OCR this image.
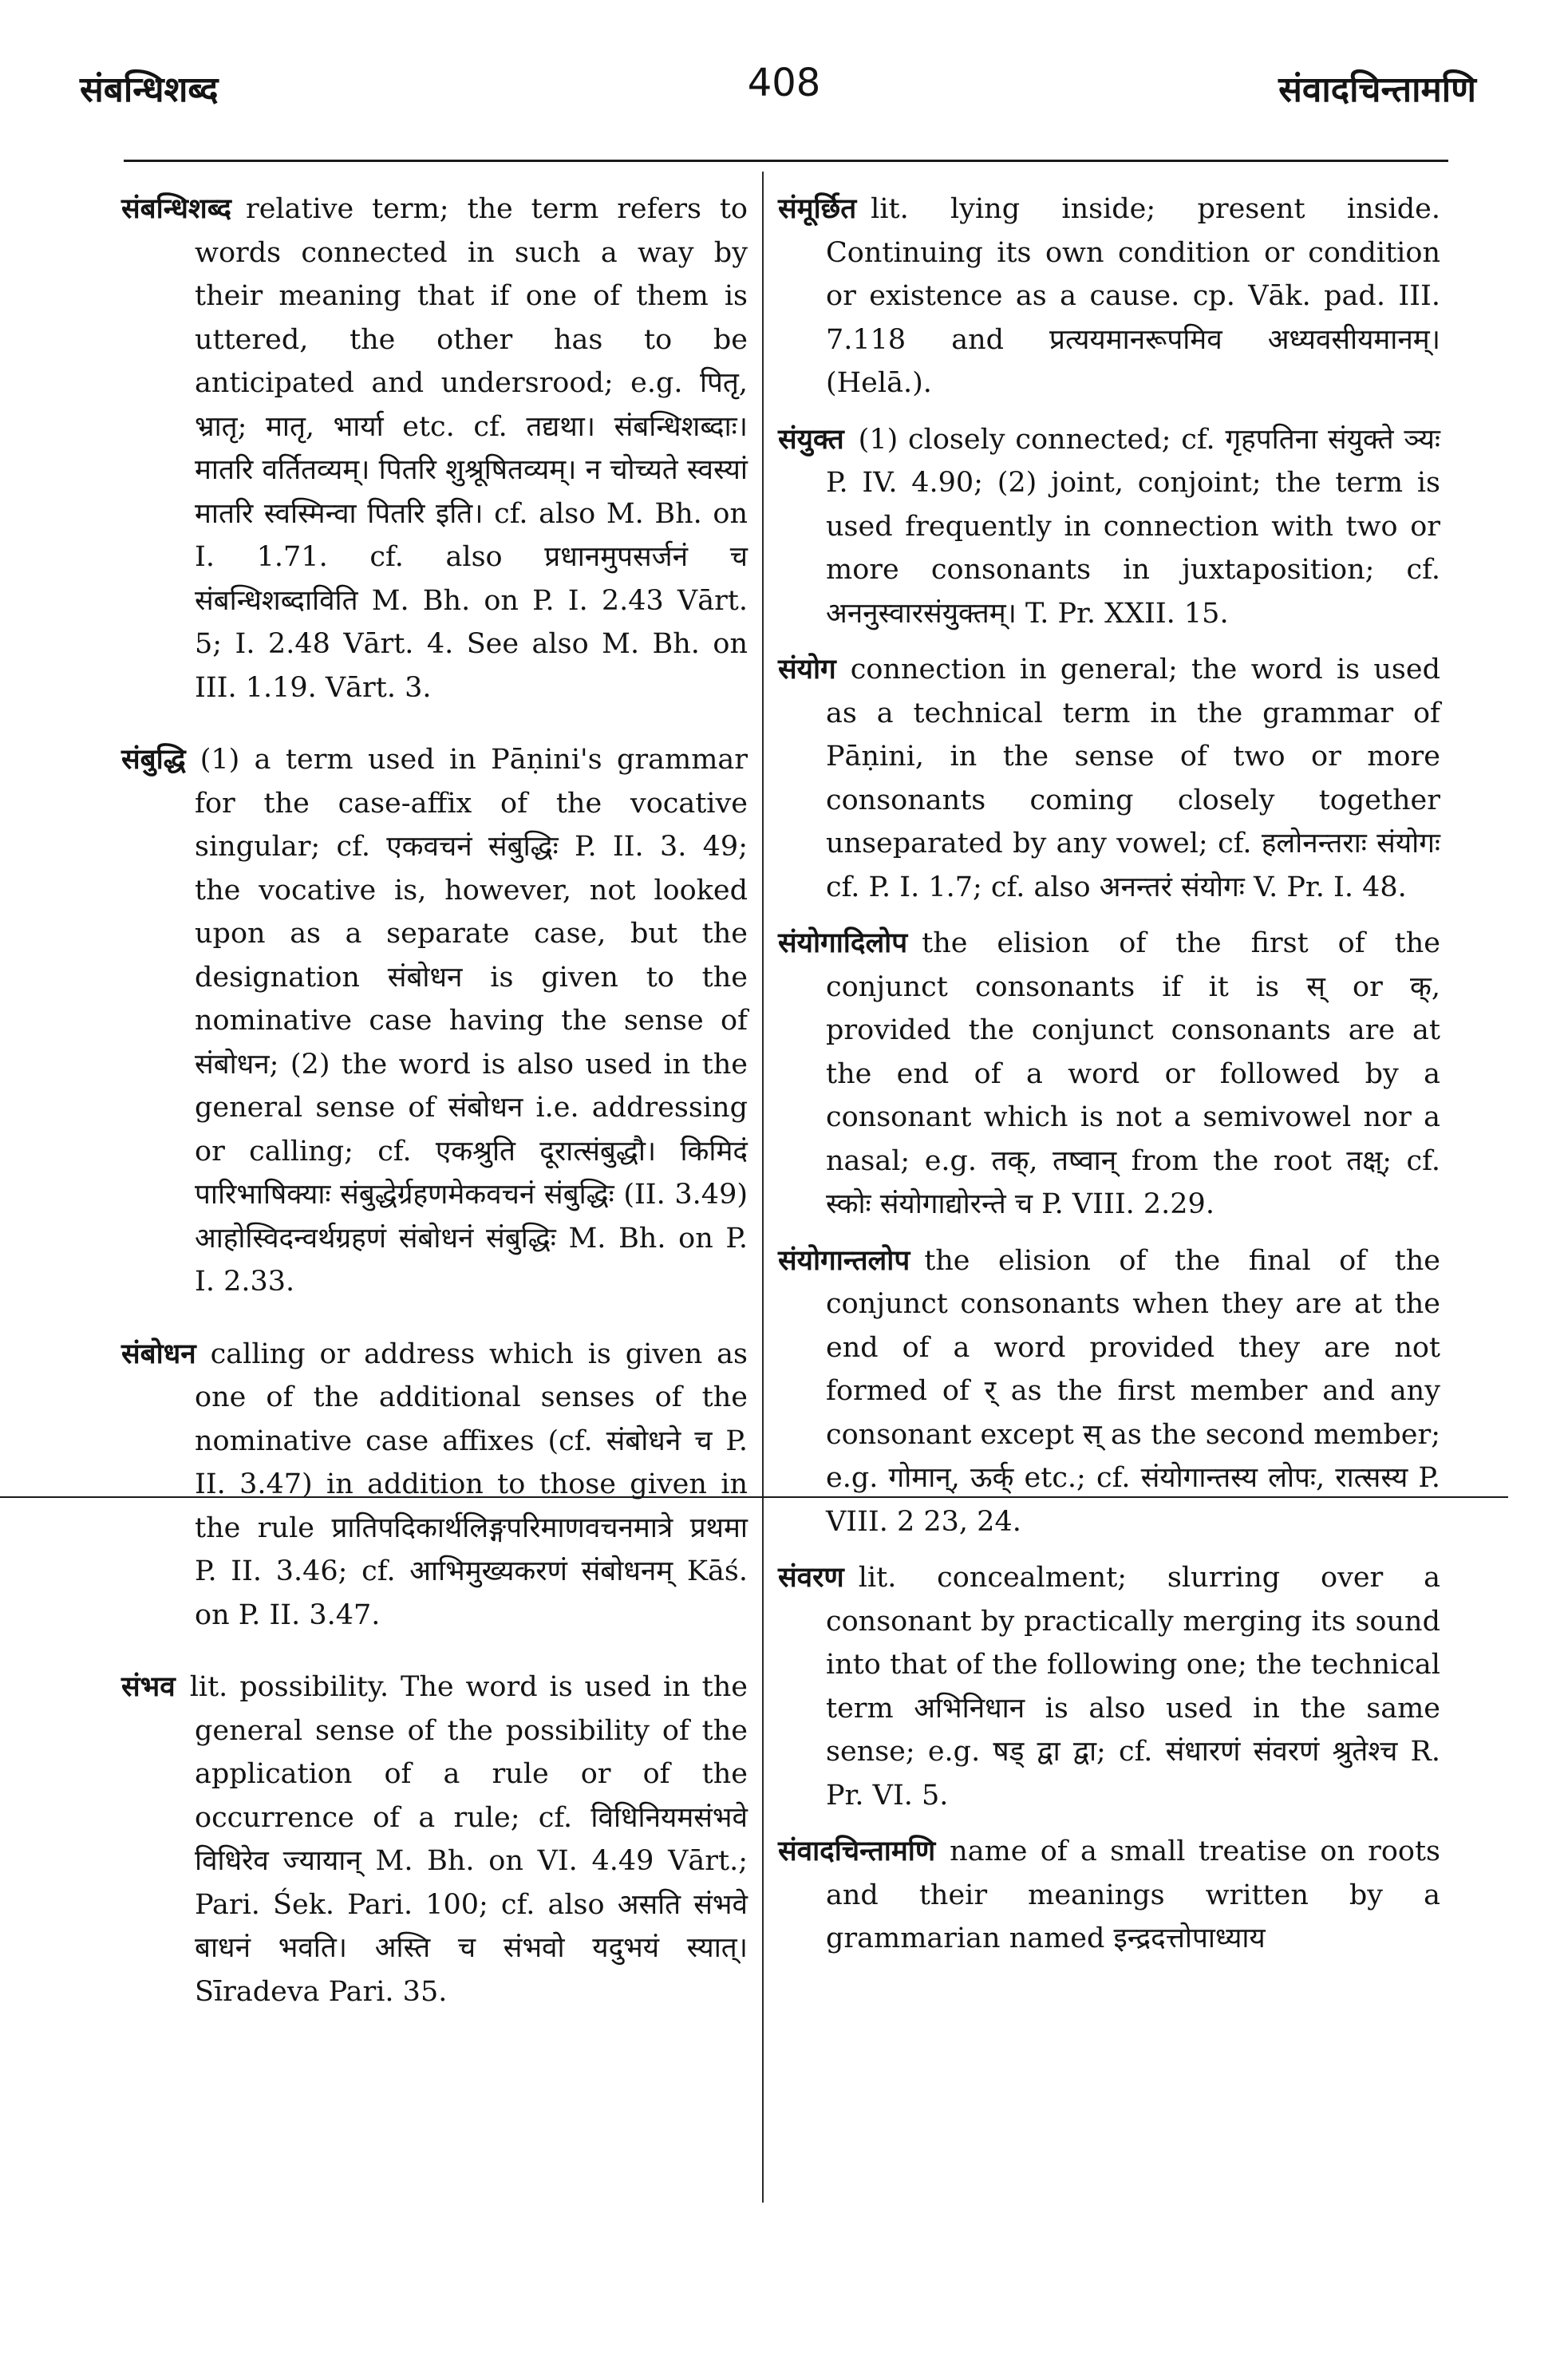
संबन्धिशब्द	408	संवादचिन्तामणि

संबन्धिशब्द relative term; the term refers to words connected in such a way by their meaning that if one of them is uttered, the other has to be anticipated and undersrood; e.g. पितृ, भ्रातृ; मातृ, भार्या etc. cf. तद्यथा। संबन्धिशब्दाः। मातरि वर्तितव्यम्। पितरि शुश्रूषितव्यम्। न चोच्यते स्वस्यां मातरि स्वस्मिन्वा पितरि इति। cf. also M. Bh. on I. 1.71. cf. also प्रधानमुपसर्जनं च संबन्धिशब्दाविति M. Bh. on P. I. 2.43 Vārt. 5; I. 2.48 Vārt. 4. See also M. Bh. on III. 1.19. Vārt. 3.

संबुद्धि (1) a term used in Pāṇini's grammar for the case-affix of the vocative singular; cf. एकवचनं संबुद्धिः P. II. 3. 49; the vocative is, however, not looked upon as a separate case, but the designation संबोधन is given to the nominative case having the sense of संबोधन; (2) the word is also used in the general sense of संबोधन i.e. addressing or calling; cf. एकश्रुति दूरात्संबुद्धौ। किमिदं पारिभाषिक्याः संबुद्धेर्ग्रहणमेकवचनं संबुद्धिः (II. 3.49) आहोस्विदन्वर्थग्रहणं संबोधनं संबुद्धिः M. Bh. on P. I. 2.33.

संबोधन calling or address which is given as one of the additional senses of the nominative case affixes (cf. संबोधने च P. II. 3.47) in addition to those given in the rule प्रातिपदिकार्थलिङ्गपरिमाणवचनमात्रे प्रथमा P. II. 3.46; cf. आभिमुख्यकरणं संबोधनम् Kāś. on P. II. 3.47.

संभव lit. possibility. The word is used in the general sense of the possibility of the application of a rule or of the occurrence of a rule; cf. विधिनियमसंभवे विधिरेव ज्यायान् M. Bh. on VI. 4.49 Vārt.; Pari. Śek. Pari. 100; cf. also असति संभवे बाधनं भवति। अस्ति च संभवो यदुभयं स्यात्। Sīradeva Pari. 35.

संमूर्छित lit. lying inside; present inside. Continuing its own condition or condition or existence as a cause. cp. Vāk. pad. III. 7.118 and प्रत्ययमानरूपमिव अध्यवसीयमानम्। (Helā.).

संयुक्त (1) closely connected; cf. गृहपतिना संयुक्ते ञ्यः P. IV. 4.90; (2) joint, conjoint; the term is used frequently in connection with two or more consonants in juxtaposition; cf. अननुस्वारसंयुक्तम्। T. Pr. XXII. 15.

संयोग connection in general; the word is used as a technical term in the grammar of Pāṇini, in the sense of two or more consonants coming closely together unseparated by any vowel; cf. हलोनन्तराः संयोगः cf. P. I. 1.7; cf. also अनन्तरं संयोगः V. Pr. I. 48.

संयोगादिलोप the elision of the first of the conjunct consonants if it is स् or क्, provided the conjunct consonants are at the end of a word or followed by a consonant which is not a semivowel nor a nasal; e.g. तक्, तष्वान् from the root तक्ष्; cf. स्कोः संयोगाद्योरन्ते च P. VIII. 2.29.

संयोगान्तलोप the elision of the final of the conjunct consonants when they are at the end of a word provided they are not formed of र् as the first member and any consonant except स् as the second member; e.g. गोमान्, ऊर्क् etc.; cf. संयोगान्तस्य लोपः, रात्सस्य P. VIII. 2 23, 24.

संवरण lit. concealment; slurring over a consonant by practically merging its sound into that of the following one; the technical term अभिनिधान is also used in the same sense; e.g. षड् द्वा द्वा; cf. संधारणं संवरणं श्रुतेश्च R. Pr. VI. 5.

संवादचिन्तामणि name of a small treatise on roots and their meanings written by a grammarian named इन्द्रदत्तोपाध्याय
